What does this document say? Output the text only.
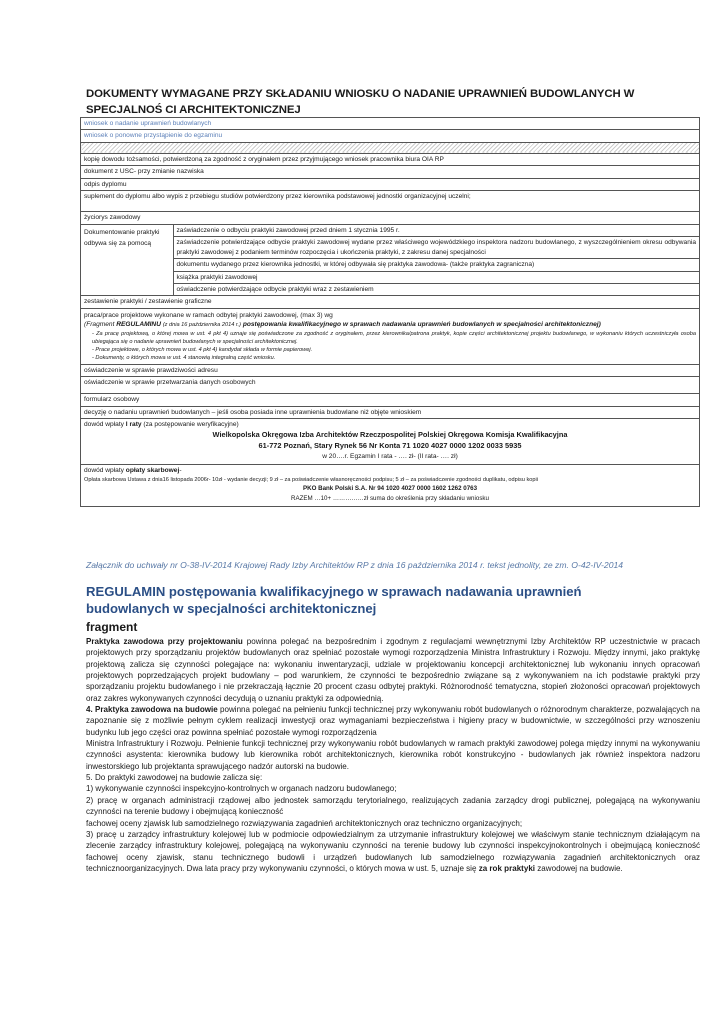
DOKUMENTY WYMAGANE PRZY SKŁADANIU WNIOSKU O NADANIE UPRAWNIEŃ BUDOWLANYCH W SPECJALNOŚ CI ARCHITEKTONICZNEJ
wniosek o nadanie uprawnień budowlanych
wniosek o ponowne przystąpienie do egzaminu

kopię dowodu tożsamości, potwierdzoną za zgodność z oryginałem przez przyjmującego wniosek pracownika biura OIA RP
dokument z USC- przy zmianie nazwiska
odpis dyplomu
suplement do dyplomu albo wypis z przebiegu studiów potwierdzony przez kierownika podstawowej jednostki organizacyjnej uczelni;
życiorys zawodowy

Dokumentowanie praktyki odbywa się za pomocą	zaświadczenie o odbyciu praktyki zawodowej przed dniem 1 stycznia 1995 r.
zaświadczenie potwierdzające odbycie praktyki zawodowej wydane przez właściwego wojewódzkiego inspektora nadzoru budowlanego, z wyszczególnieniem okresu odbywania praktyki zawodowej z podaniem terminów rozpoczęcia i ukończenia praktyki, z zakresu danej specjalności
dokumentu wydanego przez kierownika jednostki, w której odbywała się praktyka zawodowa- (także praktyka zagraniczna)
książka praktyki zawodowej
oświadczenie potwierdzające odbycie praktyki wraz z zestawieniem

zestawienie praktyki / zestawienie graficzne

praca/prace projektowe wykonane w ramach odbytej praktyki zawodowej, (max 3) wg
(Fragment REGULAMINU (z dnia 16 października 2014 r.) postępowania kwalifikacyjnego w sprawach nadawania uprawnień budowlanych w specjalności architektonicznej)
- Za pracę projektową, o której mowa w ust. 4 pkt 4) uznaje się poświadczone za zgodność z oryginałem, przez kierownika/patrona praktyk, kopie części architektonicznej projektu budowlanego, w wykonaniu których uczestniczyła osoba ubiegająca się o nadanie uprawnień budowlanych w specjalności architektonicznej.
- Prace projektowe, o których mowa w ust. 4 pkt 4) kandydat składa w formie papierowej.
- Dokumenty, o których mowa w ust. 4 stanowią integralną część wniosku.

oświadczenie w sprawie prawdziwości adresu
oświadczenie w sprawie przetwarzania danych osobowych
formularz osobowy
decyzję o nadaniu uprawnień budowlanych – jeśli osoba posiada inne uprawnienia budowlane niż objęte wnioskiem

dowód wpłaty I raty (za postępowanie weryfikacyjne)
Wielkopolska Okręgowa Izba Architektów Rzeczpospolitej Polskiej Okręgowa Komisja Kwalifikacyjna
61-772 Poznań, Stary Rynek 56 Nr Konta 71 1020 4027 0000 1202 0033 5935
w 20….r. Egzamin I rata - …. zł- (II rata- …. zł)

dowód wpłaty opłaty skarbowej-
Opłata skarbowa Ustawa z dnia16 listopada 2006r- 10zł - wydanie decyzji; 9 zł – za poświadczenie własnoręczności podpisu; 5 zł – za poświadczenie zgodności duplikatu, odpisu kopii
PKO Bank Polski S.A. Nr 94 1020 4027 0000 1602 1262 0763
RAZEM …10+ ……………zł suma do określenia przy składaniu wniosku
Załącznik do uchwały nr O-38-IV-2014 Krajowej Rady Izby Architektów RP z dnia 16 października 2014 r. tekst jednolity, ze zm. O-42-IV-2014
REGULAMIN postępowania kwalifikacyjnego w sprawach nadawania uprawnień budowlanych w specjalności architektonicznej
fragment

Praktyka zawodowa przy projektowaniu powinna polegać na bezpośrednim i zgodnym z regulacjami wewnętrznymi Izby Architektów RP uczestnictwie w pracach projektowych przy sporządzaniu projektów budowlanych oraz spełniać pozostałe wymogi rozporządzenia Ministra Infrastruktury i Rozwoju. Między innymi, jako praktykę projektową zalicza się czynności polegające na: wykonaniu inwentaryzacji, udziale w projektowaniu koncepcji architektonicznej lub wykonaniu innych opracowań projektowych poprzedzających projekt budowlany – pod warunkiem, że czynności te bezpośrednio związane są z wykonywaniem na ich podstawie praktyki przy sporządzaniu projektu budowlanego i nie przekraczają łącznie 20 procent czasu odbytej praktyki. Różnorodność tematyczna, stopień złożoności opracowań projektowych oraz zakres wykonywanych czynności decydują o uznaniu praktyki za odpowiednią.

4. Praktyka zawodowa na budowie powinna polegać na pełnieniu funkcji technicznej przy wykonywaniu robót budowlanych o różnorodnym charakterze, pozwalających na zapoznanie się z możliwie pełnym cyklem realizacji inwestycji oraz wymaganiami bezpieczeństwa i higieny pracy w budownictwie, w szczególności przy wznoszeniu budynku lub jego części oraz powinna spełniać pozostałe wymogi rozporządzenia

Ministra Infrastruktury i Rozwoju. Pełnienie funkcji technicznej przy wykonywaniu robót budowlanych w ramach praktyki zawodowej polega między innymi na wykonywaniu czynności asystenta: kierownika budowy lub kierownika robót architektonicznych, kierownika robót konstrukcyjno - budowlanych jak również inspektora nadzoru inwestorskiego lub projektanta sprawującego nadzór autorski na budowie.

5. Do praktyki zawodowej na budowie zalicza się:

1) wykonywanie czynności inspekcyjno-kontrolnych w organach nadzoru budowlanego;

2) pracę w organach administracji rządowej albo jednostek samorządu terytorialnego, realizujących zadania zarządcy drogi publicznej, polegającą na wykonywaniu czynności na terenie budowy i obejmującą konieczność

fachowej oceny zjawisk lub samodzielnego rozwiązywania zagadnień architektonicznych oraz techniczno organizacyjnych;

3) pracę u zarządcy infrastruktury kolejowej lub w podmiocie odpowiedzialnym za utrzymanie infrastruktury kolejowej we właściwym stanie technicznym działającym na zlecenie zarządcy infrastruktury kolejowej, polegającą na wykonywaniu czynności na terenie budowy lub czynności inspekcyjnokontrolnych i obejmującą konieczność fachowej oceny zjawisk, stanu technicznego budowli i urządzeń budowlanych lub samodzielnego rozwiązywania zagadnień architektonicznych oraz technicznoorganizacyjnych. Dwa lata pracy przy wykonywaniu czynności, o których mowa w ust. 5, uznaje się za rok praktyki zawodowej na budowie.
